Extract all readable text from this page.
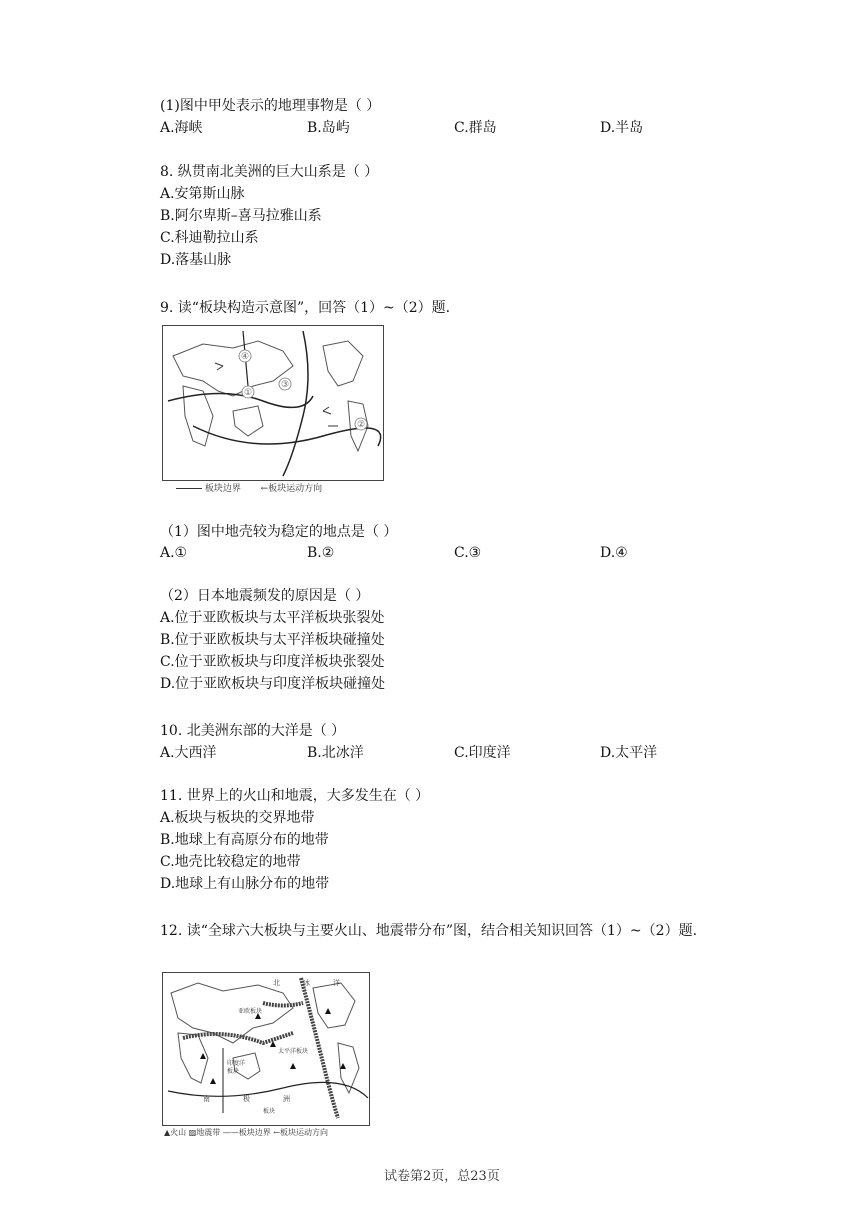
(1)图中甲处表示的地理事物是（ ）
A.海峡	B.岛屿	C.群岛	D.半岛
8. 纵贯南北美洲的巨大山系是（ ）
A.安第斯山脉
B.阿尔卑斯–喜马拉雅山系
C.科迪勒拉山系
D.落基山脉
9. 读“板块构造示意图”，回答（1）~（2）题.
④
①
③
②
板块边界 ←板块运动方向
（1）图中地壳较为稳定的地点是（ ）
A.①	B.②	C.③	D.④
（2）日本地震频发的原因是（ ）
A.位于亚欧板块与太平洋板块张裂处
B.位于亚欧板块与太平洋板块碰撞处
C.位于亚欧板块与印度洋板块张裂处
D.位于亚欧板块与印度洋板块碰撞处
10. 北美洲东部的大洋是（ ）
A.大西洋	B.北冰洋	C.印度洋	D.太平洋
11. 世界上的火山和地震，大多发生在（ ）
A.板块与板块的交界地带
B.地球上有高原分布的地带
C.地壳比较稳定的地带
D.地球上有山脉分布的地带
12. 读“全球六大板块与主要火山、地震带分布”图，结合相关知识回答（1）~（2）题.
北	冰	洋
亚欧板块
太平洋板块
印度洋
板块
南	极	洲
板块
▲火山 ▨地震带 ——板块边界 ←板块运动方向
试卷第2页，总23页
